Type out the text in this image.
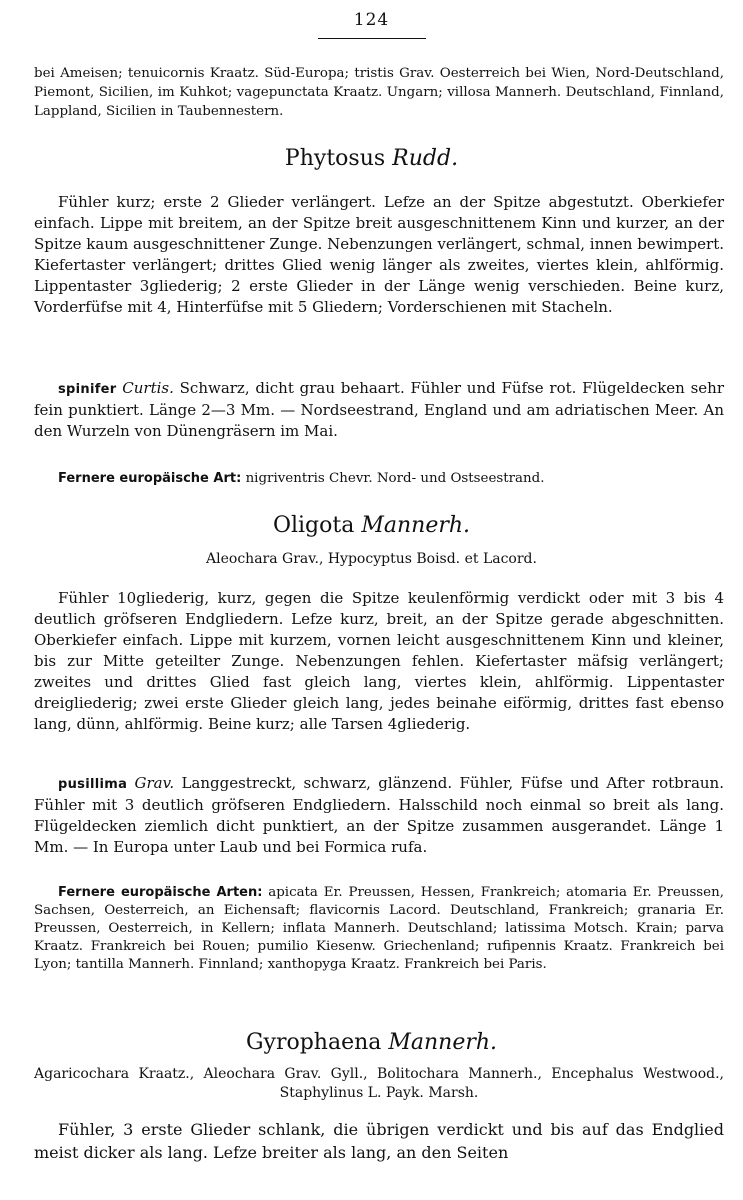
124

bei Ameisen; tenuicornis Kraatz. Süd-Europa; tristis Grav. Oesterreich bei Wien, Nord-Deutschland, Piemont, Sicilien, im Kuhkot; vagepunctata Kraatz. Ungarn; villosa Mannerh. Deutschland, Finnland, Lappland, Sicilien in Taubennestern.

Phytosus Rudd.

Fühler kurz; erste 2 Glieder verlängert. Lefze an der Spitze abgestutzt. Oberkiefer einfach. Lippe mit breitem, an der Spitze breit ausgeschnittenem Kinn und kurzer, an der Spitze kaum ausgeschnittener Zunge. Nebenzungen verlängert, schmal, innen bewimpert. Kiefertaster verlängert; drittes Glied wenig länger als zweites, viertes klein, ahlförmig. Lippentaster 3gliederig; 2 erste Glieder in der Länge wenig verschieden. Beine kurz, Vorderfüfse mit 4, Hinterfüfse mit 5 Gliedern; Vorderschienen mit Stacheln.

spinifer Curtis. Schwarz, dicht grau behaart. Fühler und Füfse rot. Flügeldecken sehr fein punktiert. Länge 2—3 Mm. — Nordseestrand, England und am adriatischen Meer. An den Wurzeln von Dünengräsern im Mai.

Fernere europäische Art: nigriventris Chevr. Nord- und Ostseestrand.

Oligota Mannerh.
Aleochara Grav., Hypocyptus Boisd. et Lacord.

Fühler 10gliederig, kurz, gegen die Spitze keulenförmig verdickt oder mit 3 bis 4 deutlich gröfseren Endgliedern. Lefze kurz, breit, an der Spitze gerade abgeschnitten. Oberkiefer einfach. Lippe mit kurzem, vornen leicht ausgeschnittenem Kinn und kleiner, bis zur Mitte geteilter Zunge. Nebenzungen fehlen. Kiefertaster mäfsig verlängert; zweites und drittes Glied fast gleich lang, viertes klein, ahlförmig. Lippentaster dreigliederig; zwei erste Glieder gleich lang, jedes beinahe eiförmig, drittes fast ebenso lang, dünn, ahlförmig. Beine kurz; alle Tarsen 4gliederig.

pusillima Grav. Langgestreckt, schwarz, glänzend. Fühler, Füfse und After rotbraun. Fühler mit 3 deutlich gröfseren Endgliedern. Halsschild noch einmal so breit als lang. Flügeldecken ziemlich dicht punktiert, an der Spitze zusammen ausgerandet. Länge 1 Mm. — In Europa unter Laub und bei Formica rufa.

Fernere europäische Arten: apicata Er. Preussen, Hessen, Frankreich; atomaria Er. Preussen, Sachsen, Oesterreich, an Eichensaft; flavicornis Lacord. Deutschland, Frankreich; granaria Er. Preussen, Oesterreich, in Kellern; inflata Mannerh. Deutschland; latissima Motsch. Krain; parva Kraatz. Frankreich bei Rouen; pumilio Kiesenw. Griechenland; rufipennis Kraatz. Frankreich bei Lyon; tantilla Mannerh. Finnland; xanthopyga Kraatz. Frankreich bei Paris.

Gyrophaena Mannerh.
Agaricochara Kraatz., Aleochara Grav. Gyll., Bolitochara Mannerh., Encephalus Westwood., Staphylinus L. Payk. Marsh.

Fühler, 3 erste Glieder schlank, die übrigen verdickt und bis auf das Endglied meist dicker als lang. Lefze breiter als lang, an den Seiten
